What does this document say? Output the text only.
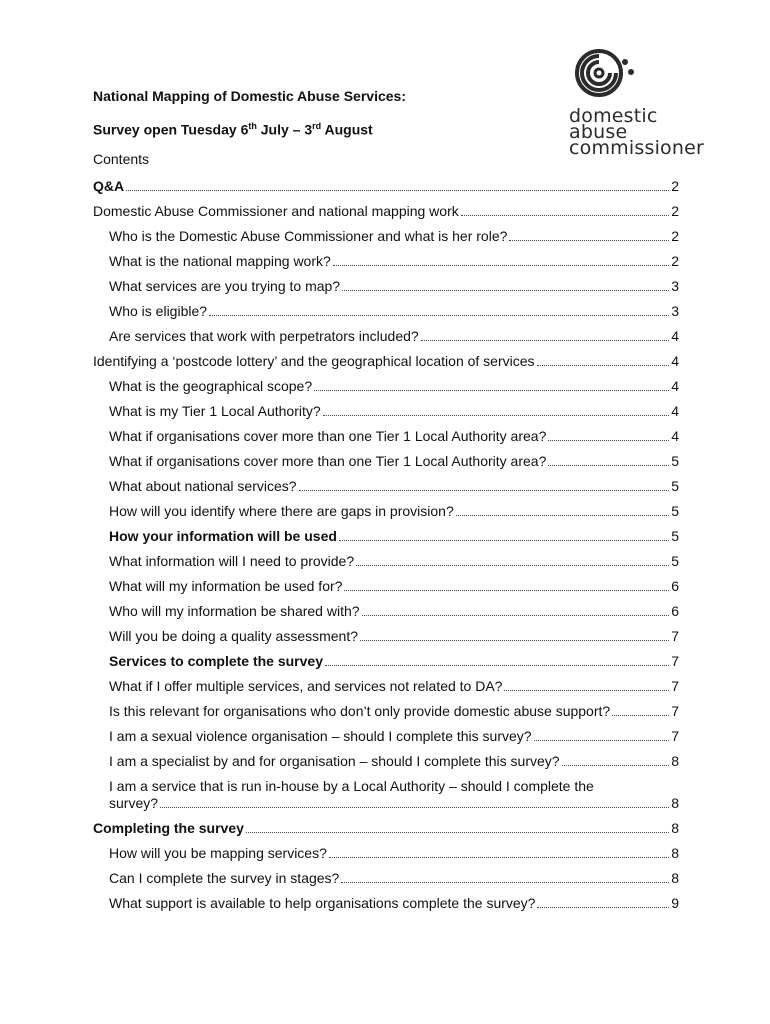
domestic
abuse
commissioner
National Mapping of Domestic Abuse Services:
Survey open Tuesday 6th July – 3rd August
Contents
Q&A	2
Domestic Abuse Commissioner and national mapping work	2
Who is the Domestic Abuse Commissioner and what is her role?	2
What is the national mapping work?	2
What services are you trying to map?	3
Who is eligible?	3
Are services that work with perpetrators included?	4
Identifying a ‘postcode lottery’ and the geographical location of services	4
What is the geographical scope?	4
What is my Tier 1 Local Authority?	4
What if organisations cover more than one Tier 1 Local Authority area?	4
What if organisations cover more than one Tier 1 Local Authority area?	5
What about national services?	5
How will you identify where there are gaps in provision?	5
How your information will be used	5
What information will I need to provide?	5
What will my information be used for?	6
Who will my information be shared with?	6
Will you be doing a quality assessment?	7
Services to complete the survey	7
What if I offer multiple services, and services not related to DA?	7
Is this relevant for organisations who don’t only provide domestic abuse support?	7
I am a sexual violence organisation – should I complete this survey?	7
I am a specialist by and for organisation – should I complete this survey?	8
I am a service that is run in-house by a Local Authority – should I complete the
survey?	8
Completing the survey	8
How will you be mapping services?	8
Can I complete the survey in stages?	8
What support is available to help organisations complete the survey?	9
